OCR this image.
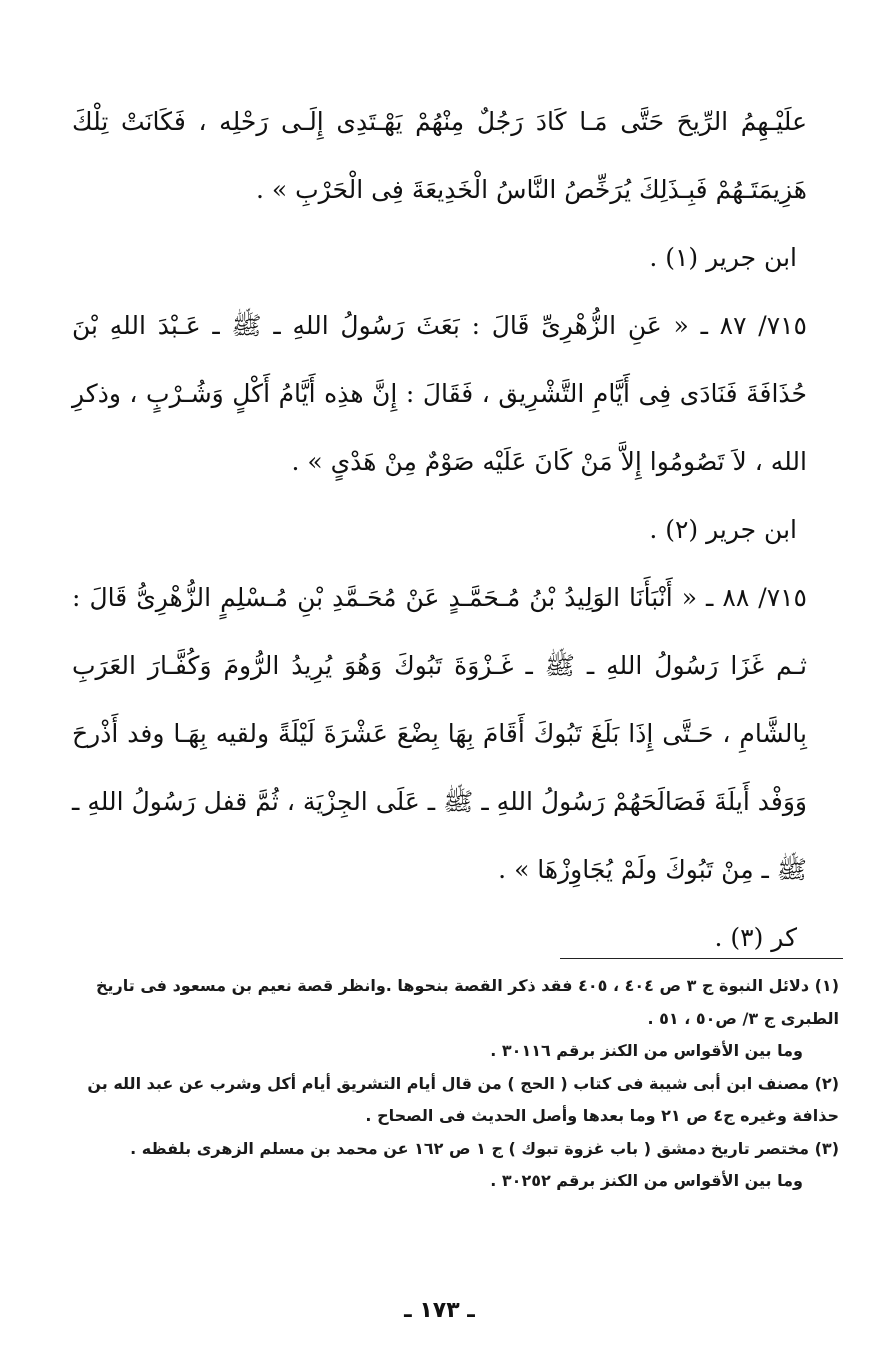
علَيْـهِمُ الرِّيحَ حَتَّى مَـا كَادَ رَجُلٌ مِنْهُمْ يَهْـتَدِى إِلَـى رَحْلِه ، فَكَانَتْ تِلْكَ هَزِيمَتَـهُمْ فَبِـذَلِكَ يُرَخِّصُ النَّاسُ الْخَدِيعَةَ فِى الْحَرْبِ » .

ابن جرير (١) .

٧١٥/ ٨٧ ـ « عَنِ الزُّهْرِىِّ قَالَ : بَعَثَ رَسُولُ اللهِ ـ ﷺ ـ عَـبْدَ اللهِ بْنَ حُذَافَةَ فَنَادَى فِى أَيَّامِ التَّشْرِيق ، فَقَالَ : إِنَّ هذِه أَيَّامُ أَكْلٍ وَشُـرْبٍ ، وذكرِ الله ، لاَ تَصُومُوا إِلاَّ مَنْ كَانَ عَلَيْه صَوْمٌ مِنْ هَدْىٍ » .

ابن جرير (٢) .

٧١٥/ ٨٨ ـ « أَنْبَأَنَا الوَلِيدُ بْنُ مُـحَمَّـدٍ عَنْ مُحَـمَّدِ بْنِ مُـسْلِمٍ الزُّهْرِىُّ قَالَ : ثـم غَزَا رَسُولُ اللهِ ـ ﷺ ـ غَـزْوَةَ تَبُوكَ وَهُوَ يُرِيدُ الرُّومَ وَكُفَّـارَ العَرَبِ بِالشَّامِ ، حَـتَّى إِذَا بَلَغَ تَبُوكَ أَقَامَ بِهَا بِضْعَ عَشْرَةَ لَيْلَةً ولقيه بِهَـا وفد أَذْرحَ وَوَفْد أَيلَةَ فَصَالَحَهُمْ رَسُولُ اللهِ ـ ﷺ ـ عَلَى الجِزْيَة ، ثُمَّ قفل رَسُولُ اللهِ ـ ﷺ ـ مِنْ تَبُوكَ ولَمْ يُجَاوِزْهَا » .

كر (٣) .

(١) دلائل النبوة ج ٣ ص ٤٠٤ ، ٤٠٥ فقد ذكر القصة بنحوها .وانظر قصة نعيم بن مسعود فى تاريخ الطبرى ج ٣/ ص٥٠ ، ٥١ .

وما بين الأقواس من الكنز برقم ٣٠١١٦ .

(٢) مصنف ابن أبى شيبة فى كتاب ( الحج ) من قال أيام التشريق أيام أكل وشرب عن عبد الله بن حذافة وغيره ج٤ ص ٢١ وما بعدها وأصل الحديث فى الصحاح .

(٣) مختصر تاريخ دمشق ( باب غزوة تبوك ) ج ١ ص ١٦٢ عن محمد بن مسلم الزهرى بلفظه .

وما بين الأقواس من الكنز برقم ٣٠٢٥٢ .

ـ ١٧٣ ـ
